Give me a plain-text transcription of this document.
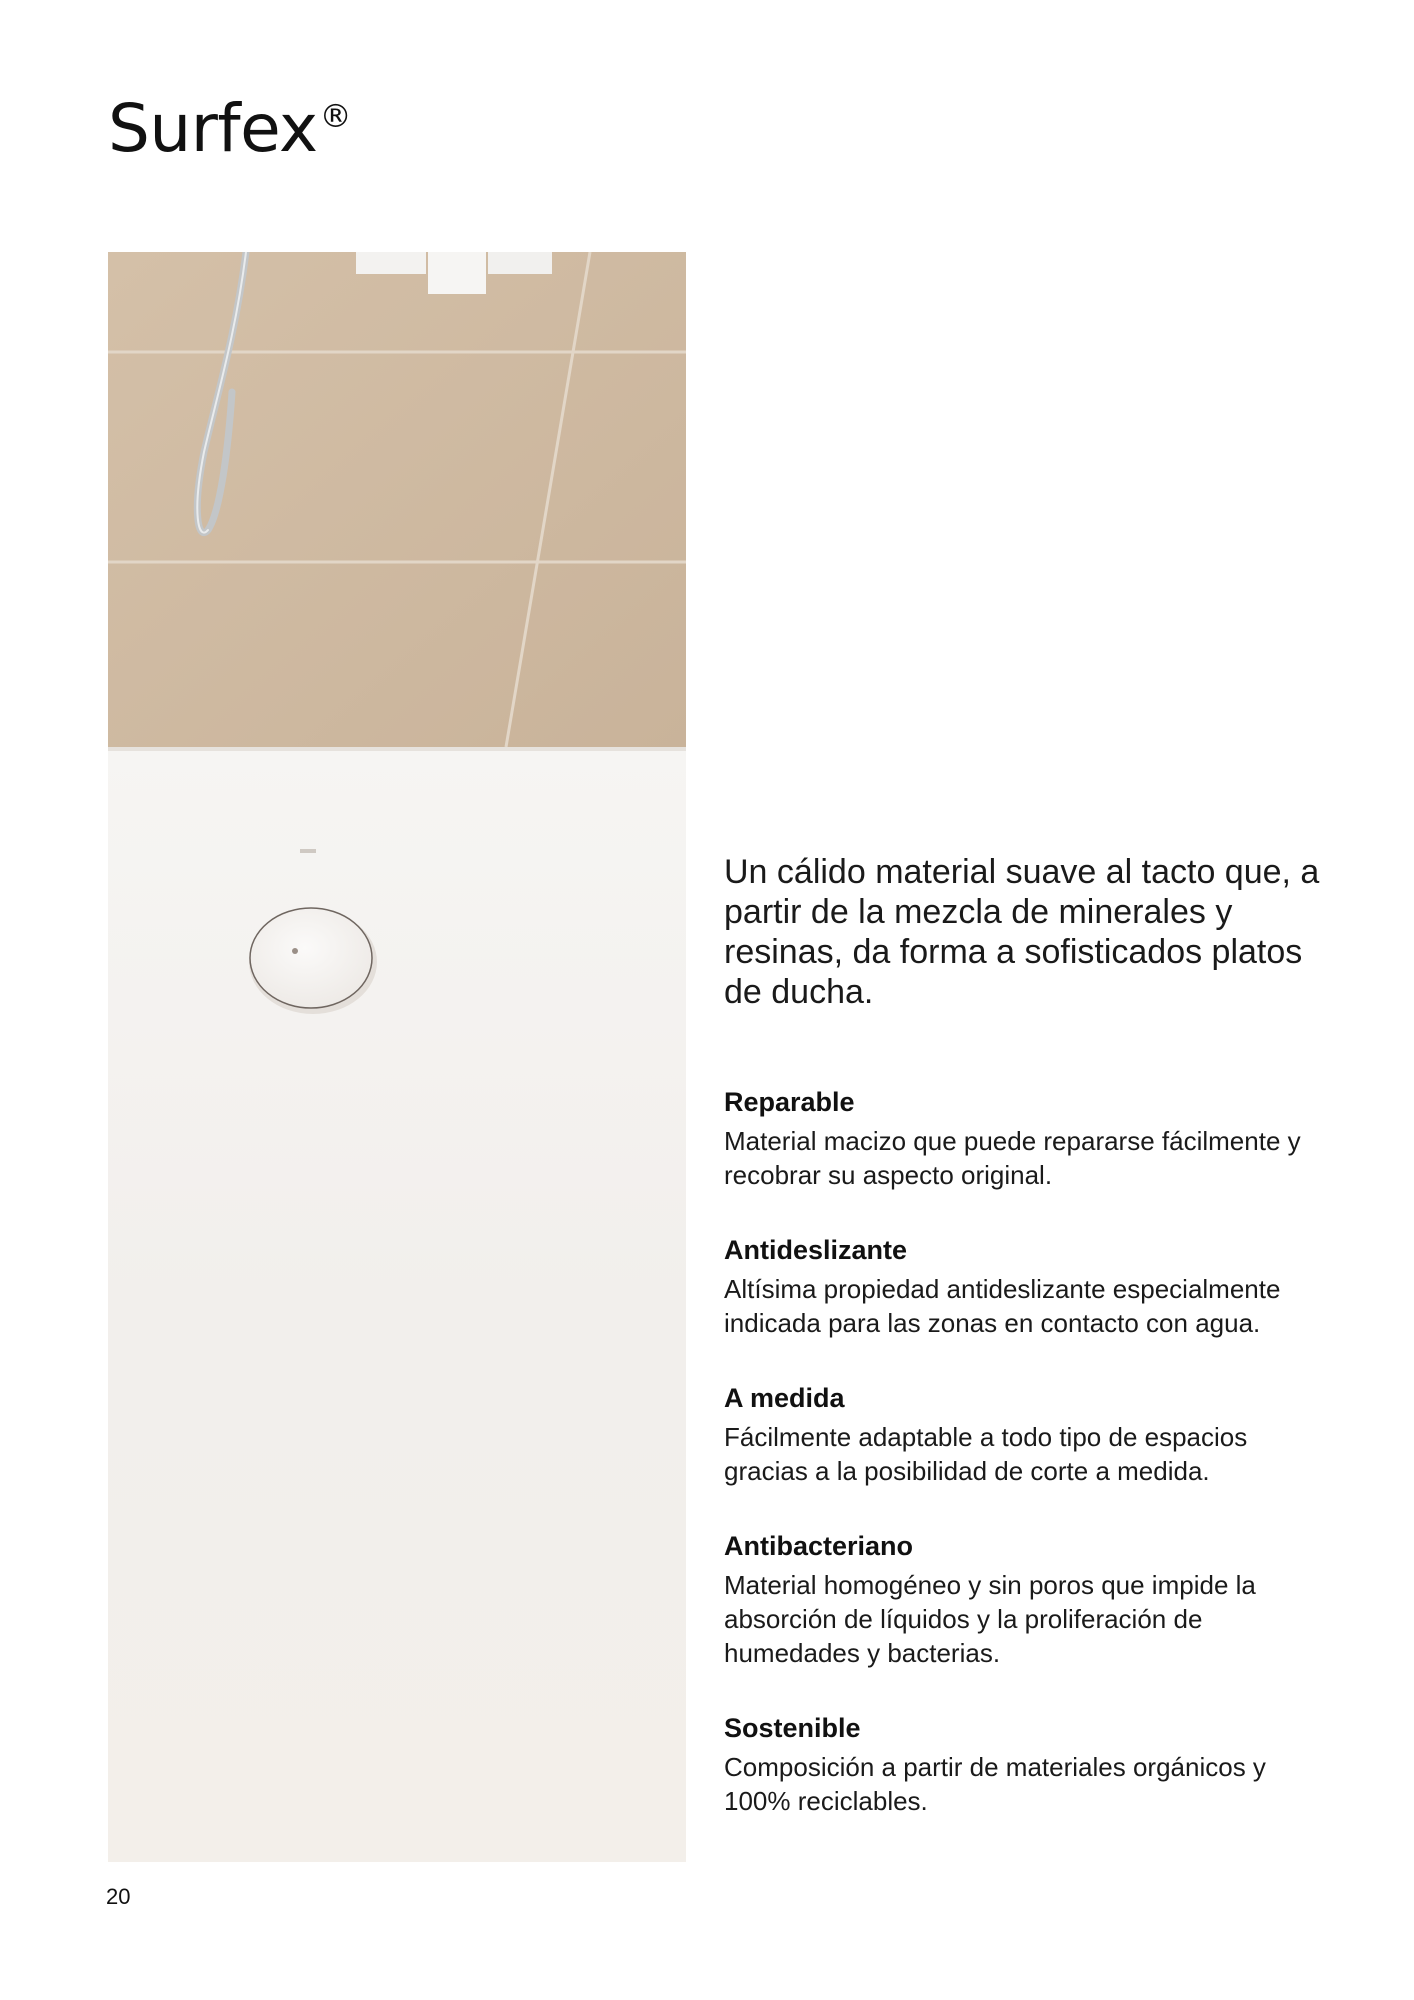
Surfex®

Un cálido material suave al tacto que, a partir de la mezcla de minerales y resinas, da forma a sofisticados platos de ducha.

Reparable

Material macizo que puede repararse fácilmente y recobrar su aspecto original.

Antideslizante

Altísima propiedad antideslizante especialmente indicada para las zonas en contacto con agua.

A medida

Fácilmente adaptable a todo tipo de espacios gracias a la posibilidad de corte a medida.

Antibacteriano

Material homogéneo y sin poros que impide la absorción de líquidos y la proliferación de humedades y bacterias.

Sostenible

Composición a partir de materiales orgánicos y 100% reciclables.

20
